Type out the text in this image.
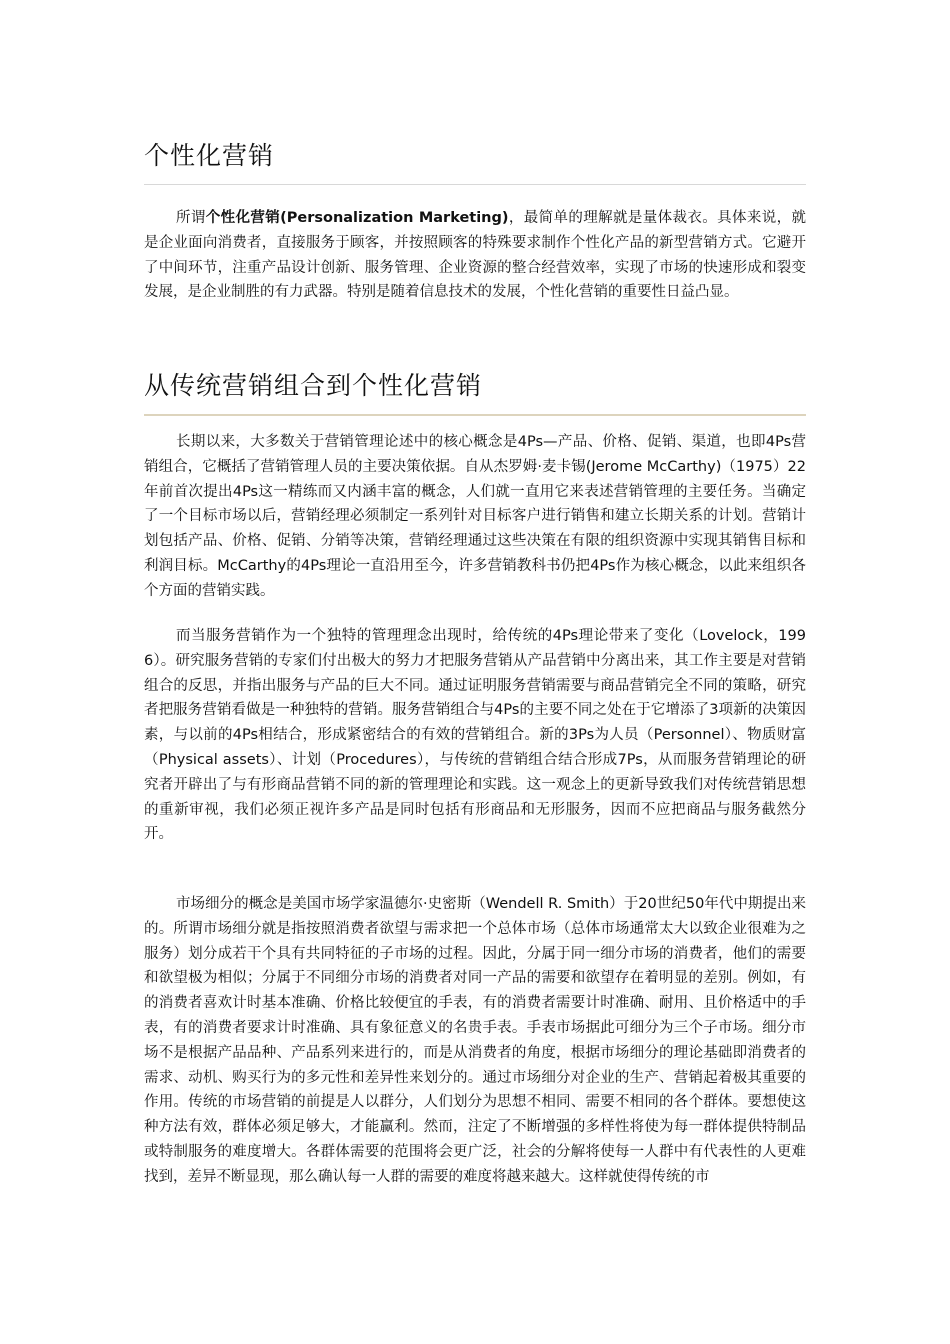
个性化营销

所谓个性化营销(Personalization Marketing)，最简单的理解就是量体裁衣。具体来说，就是企业面向消费者，直接服务于顾客，并按照顾客的特殊要求制作个性化产品的新型营销方式。它避开了中间环节，注重产品设计创新、服务管理、企业资源的整合经营效率，实现了市场的快速形成和裂变发展，是企业制胜的有力武器。特别是随着信息技术的发展，个性化营销的重要性日益凸显。

从传统营销组合到个性化营销

长期以来，大多数关于营销管理论述中的核心概念是4Ps—产品、价格、促销、渠道，也即4Ps营销组合，它概括了营销管理人员的主要决策依据。自从杰罗姆·麦卡锡(Jerome McCarthy)（1975）22年前首次提出4Ps这一精练而又内涵丰富的概念，人们就一直用它来表述营销管理的主要任务。当确定了一个目标市场以后，营销经理必须制定一系列针对目标客户进行销售和建立长期关系的计划。营销计划包括产品、价格、促销、分销等决策，营销经理通过这些决策在有限的组织资源中实现其销售目标和利润目标。McCarthy的4Ps理论一直沿用至今，许多营销教科书仍把4Ps作为核心概念，以此来组织各个方面的营销实践。

而当服务营销作为一个独特的管理理念出现时，给传统的4Ps理论带来了变化（Lovelock，1996）。研究服务营销的专家们付出极大的努力才把服务营销从产品营销中分离出来，其工作主要是对营销组合的反思，并指出服务与产品的巨大不同。通过证明服务营销需要与商品营销完全不同的策略，研究者把服务营销看做是一种独特的营销。服务营销组合与4Ps的主要不同之处在于它增添了3项新的决策因素，与以前的4Ps相结合，形成紧密结合的有效的营销组合。新的3Ps为人员（Personnel）、物质财富（Physical assets）、计划（Procedures），与传统的营销组合结合形成7Ps，从而服务营销理论的研究者开辟出了与有形商品营销不同的新的管理理论和实践。这一观念上的更新导致我们对传统营销思想的重新审视，我们必须正视许多产品是同时包括有形商品和无形服务，因而不应把商品与服务截然分开。

市场细分的概念是美国市场学家温德尔·史密斯（Wendell R. Smith）于20世纪50年代中期提出来的。所谓市场细分就是指按照消费者欲望与需求把一个总体市场（总体市场通常太大以致企业很难为之服务）划分成若干个具有共同特征的子市场的过程。因此，分属于同一细分市场的消费者，他们的需要和欲望极为相似；分属于不同细分市场的消费者对同一产品的需要和欲望存在着明显的差别。例如，有的消费者喜欢计时基本准确、价格比较便宜的手表，有的消费者需要计时准确、耐用、且价格适中的手表，有的消费者要求计时准确、具有象征意义的名贵手表。手表市场据此可细分为三个子市场。细分市场不是根据产品品种、产品系列来进行的，而是从消费者的角度，根据市场细分的理论基础即消费者的需求、动机、购买行为的多元性和差异性来划分的。通过市场细分对企业的生产、营销起着极其重要的作用。传统的市场营销的前提是人以群分，人们划分为思想不相同、需要不相同的各个群体。要想使这种方法有效，群体必须足够大，才能赢利。然而，注定了不断增强的多样性将使为每一群体提供特制品或特制服务的难度增大。各群体需要的范围将会更广泛，社会的分解将使每一人群中有代表性的人更难找到，差异不断显现，那么确认每一人群的需要的难度将越来越大。这样就使得传统的市
